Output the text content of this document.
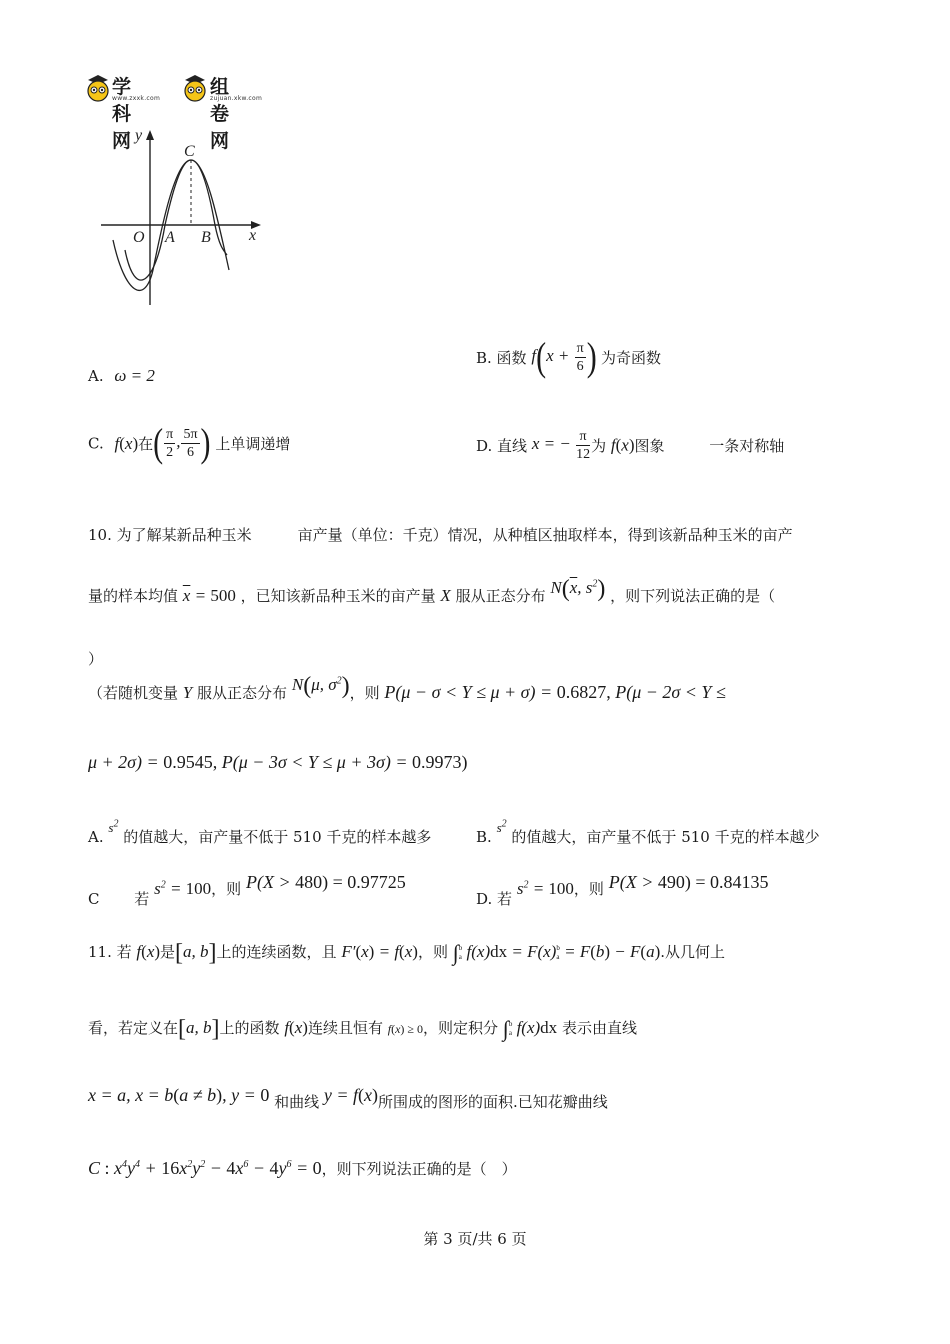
学科网
www.zxxk.com
组卷网
zujuan.xkw.com
y
x
O A B
C
A. ω = 2
B. 函数 $f(x + \frac{\pi}{6}$ ) 为奇函数
C. f(x)在( $\frac{\pi}{2}$ , $\frac{5\pi}{6}$ ) 上单调递增	D. 直线 x = − $\frac{\pi}{12}$ 为 f(x)图象	一条对称轴
10. 为了解某新品种玉米	亩产量（单位：千克）情况，从种植区抽取样本，得到该新品种玉米的亩产
量的样本均值 $\overline{x} = 500$ ，已知该新品种玉米的亩产量 X 服从正态分布 $N(\overline{x}$, $s^2$) ，则下列说法正确的是（
）
（若随机变量 Y 服从正态分布 N(μ, $\sigma^2$)，则 P(μ − σ < Y ≤ μ + σ) = 0.6827, P(μ − 2σ < Y ≤
μ + 2σ) = 0.9545, P(μ − 3σ < Y ≤ μ + 3σ) = 0.9973)
A. $s^2$ 的值越大，亩产量不低于 510 千克的样本越多	B. $s^2$ 的值越大，亩产量不低于 510 千克的样本越少
C 若 $s^2 = 100$，则 P(X > 480) = 0.97725
D. 若 $s^2 = 100$，则 P(X > 490) = 0.84135
11. 若 f(x)是[a, b]上的连续函数，且 F′(x) = f(x)，则 ∫b
a f(x)dx = F(x)b
a = F(b) − F(a).从几何上
看，若定义在[a, b]上的函数 f(x)连续且恒有 f(x) ≥ 0，则定积分 ∫b
a f(x)dx 表示由直线
x = a, x = b(a ≠ b), y = 0 和曲线 y = f(x)所围成的图形的面积.已知花瓣曲线
C : $x^4y^4 + 16x^2y^2 - 4x^6 - 4y^6 = 0$，则下列说法正确的是（　）
第 3 页/共 6 页
